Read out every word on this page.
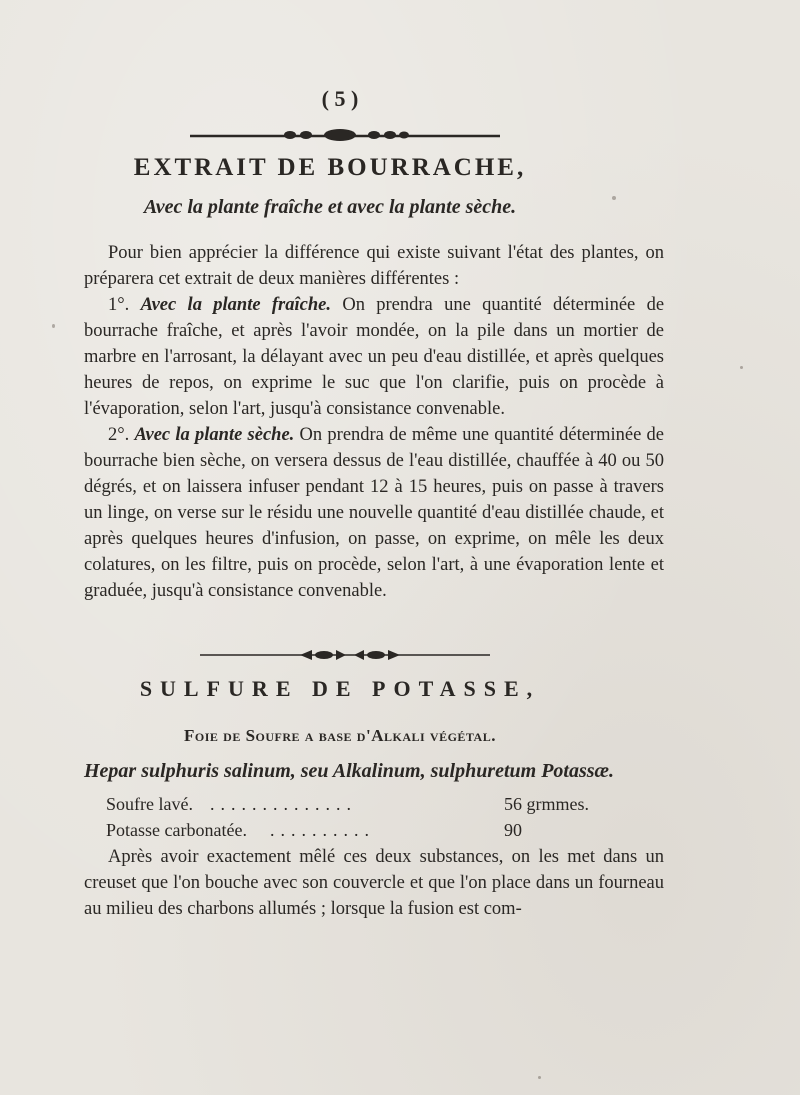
( 5 )
EXTRAIT DE BOURRACHE,
Avec la plante fraîche et avec la plante sèche.

Pour bien apprécier la différence qui existe suivant l'état des plantes, on préparera cet extrait de deux manières différentes :

1°. Avec la plante fraîche. On prendra une quantité déterminée de bourrache fraîche, et après l'avoir mondée, on la pile dans un mortier de marbre en l'arrosant, la délayant avec un peu d'eau distillée, et après quelques heures de repos, on exprime le suc que l'on clarifie, puis on procède à l'évaporation, selon l'art, jusqu'à consistance convenable.

2°. Avec la plante sèche. On prendra de même une quantité déterminée de bourrache bien sèche, on versera dessus de l'eau distillée, chauffée à 40 ou 50 dégrés, et on laissera infuser pendant 12 à 15 heures, puis on passe à travers un linge, on verse sur le résidu une nouvelle quantité d'eau distillée chaude, et après quelques heures d'infusion, on passe, on exprime, on mêle les deux colatures, on les filtre, puis on procède, selon l'art, à une évaporation lente et graduée, jusqu'à consistance convenable.

SULFURE DE POTASSE,
Foie de Soufre a base d'Alkali végétal.
Hepar sulphuris salinum, seu Alkalinum, sulphuretum Potassæ.
Soufre lavé. ..............	56 grmmes.
Potasse carbonatée. ..........	90

Après avoir exactement mêlé ces deux substances, on les met dans un creuset que l'on bouche avec son couvercle et que l'on place dans un fourneau au milieu des charbons allumés ; lorsque la fusion est com-
